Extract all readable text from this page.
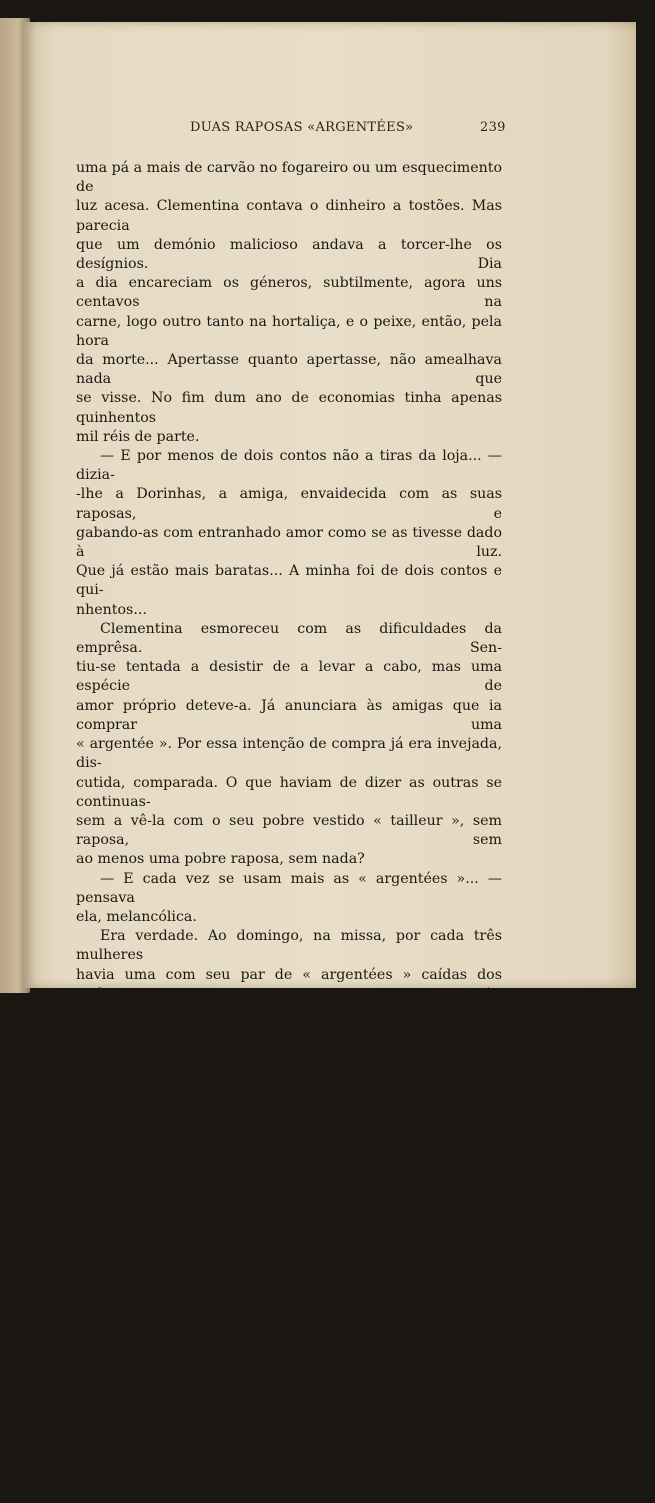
DUAS RAPOSAS «ARGENTÉES»	239

uma pá a mais de carvão no fogareiro ou um esquecimento de

luz acesa. Clementina contava o dinheiro a tostões. Mas parecia

que um demónio malicioso andava a torcer-lhe os desígnios. Dia

a dia encareciam os géneros, subtilmente, agora uns centavos na

carne, logo outro tanto na hortaliça, e o peixe, então, pela hora

da morte... Apertasse quanto apertasse, não amealhava nada que

se visse. No fim dum ano de economias tinha apenas quinhentos

mil réis de parte.

— E por menos de dois contos não a tiras da loja... — dizia-

-lhe a Dorinhas, a amiga, envaidecida com as suas raposas, e

gabando-as com entranhado amor como se as tivesse dado à luz.

Que já estão mais baratas... A minha foi de dois contos e qui-

nhentos...

Clementina esmoreceu com as dificuldades da emprêsa. Sen-

tiu-se tentada a desistir de a levar a cabo, mas uma espécie de

amor próprio deteve-a. Já anunciara às amigas que ia comprar uma

« argentée ». Por essa intenção de compra já era invejada, dis-

cutida, comparada. O que haviam de dizer as outras se continuas-

sem a vê-la com o seu pobre vestido « tailleur », sem raposa, sem

ao menos uma pobre raposa, sem nada?

— E cada vez se usam mais as « argentées »... — pensava

ela, melancólica.

Era verdade. Ao domingo, na missa, por cada três mulheres

havia uma com seu par de « argentées » caídas dos ombros. Ao

sábado, no cinema, elas multiplicavam-se, e já apareciam alter-

nadas. Mulheres de tôdas as classes, da sociedade, do teatro, dos

clubes nocturnos, tôdas ostentavam o seu par de « argentées »

fascinantes, imperiais, admiráveis. Clementina passava em revista

as suas amigas... Tôdas, a pouco e pouco, iam comprando as ra-

posas famosas. É verdade que se rosnava da Rosa, da Laurinha...

— Calúnias! O patrão é tão sovina! E tão velho! Nem êle

lhe dava a raposa! A Laurinha dizia-o a tôda a gente, tinha com-

prado as suas por um preço inverossímil, em segunda mão...

Uma manhã, já se sentia o inverno, Clementina lia o jornal

sentada à mesa de jantar, enquanto beberricava o café. Página

por página saboreou as notícias internacionais, os crimes, a pro-

víncia, os anúncios. De súbito bateu com os olhos num título gordo,
